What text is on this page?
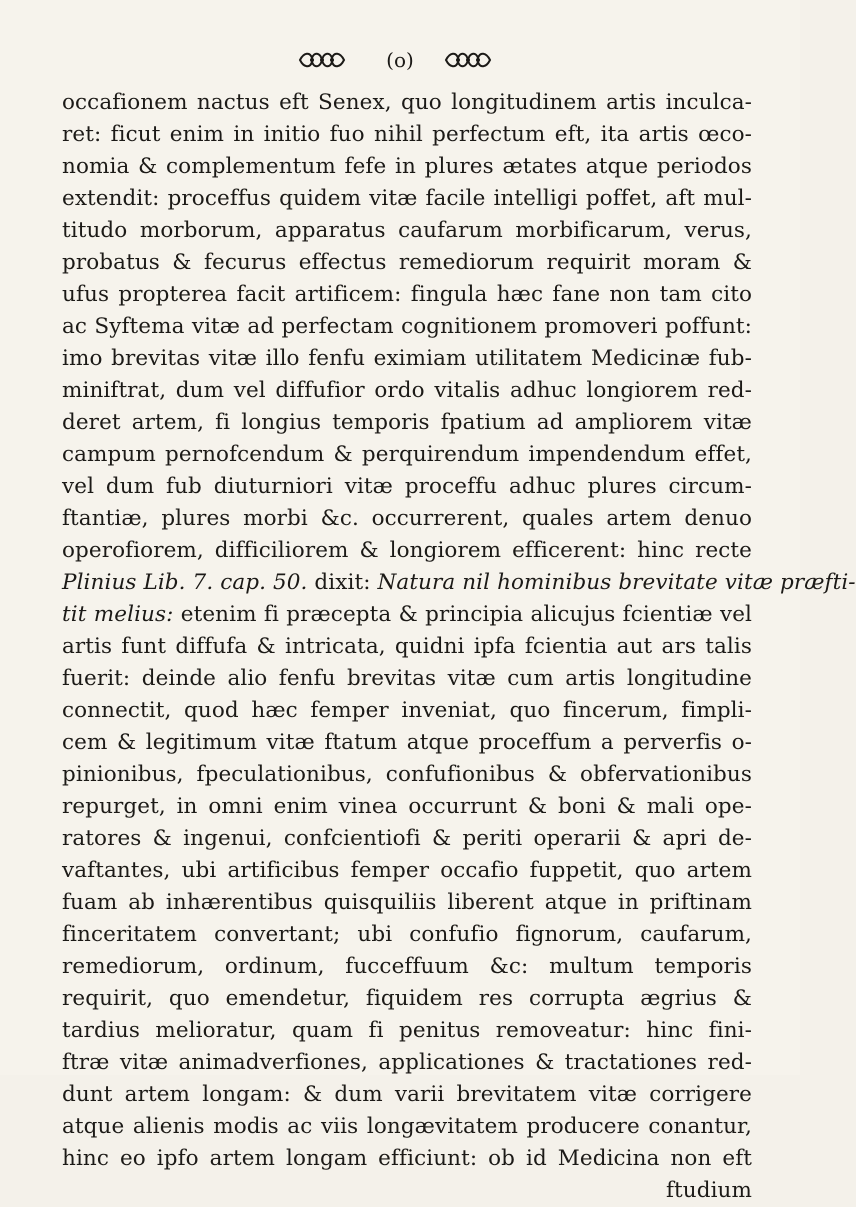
(o)
occafionem nactus eft Senex, quo longitudinem artis inculca-
ret: ficut enim in initio fuo nihil perfectum eft, ita artis œco-
nomia & complementum fefe in plures ætates atque periodos
extendit: proceffus quidem vitæ facile intelligi poffet, aft mul-
titudo morborum, apparatus caufarum morbificarum, verus,
probatus & fecurus effectus remediorum requirit moram &
ufus propterea facit artificem: fingula hæc fane non tam cito
ac Syftema vitæ ad perfectam cognitionem promoveri poffunt:
imo brevitas vitæ illo fenfu eximiam utilitatem Medicinæ fub-
miniftrat, dum vel diffufior ordo vitalis adhuc longiorem red-
deret artem, fi longius temporis fpatium ad ampliorem vitæ
campum pernofcendum & perquirendum impendendum effet,
vel dum fub diuturniori vitæ proceffu adhuc plures circum-
ftantiæ, plures morbi &c. occurrerent, quales artem denuo
operofiorem, difficiliorem & longiorem efficerent: hinc recte
Plinius Lib. 7. cap. 50. dixit: Natura nil hominibus brevitate vitæ præfti-
tit melius: etenim fi præcepta & principia alicujus fcientiæ vel
artis funt diffufa & intricata, quidni ipfa fcientia aut ars talis
fuerit: deinde alio fenfu brevitas vitæ cum artis longitudine
connectit, quod hæc femper inveniat, quo fincerum, fimpli-
cem & legitimum vitæ ftatum atque proceffum a perverfis o-
pinionibus, fpeculationibus, confufionibus & obfervationibus
repurget, in omni enim vinea occurrunt & boni & mali ope-
ratores & ingenui, confcientiofi & periti operarii & apri de-
vaftantes, ubi artificibus femper occafio fuppetit, quo artem
fuam ab inhærentibus quisquiliis liberent atque in priftinam
finceritatem convertant; ubi confufio fignorum, caufarum,
remediorum, ordinum, fucceffuum &c: multum temporis
requirit, quo emendetur, fiquidem res corrupta ægrius &
tardius melioratur, quam fi penitus removeatur: hinc fini-
ftræ vitæ animadverfiones, applicationes & tractationes red-
dunt artem longam: & dum varii brevitatem vitæ corrigere
atque alienis modis ac viis longævitatem producere conantur,
hinc eo ipfo artem longam efficiunt: ob id Medicina non eft
ftudium
